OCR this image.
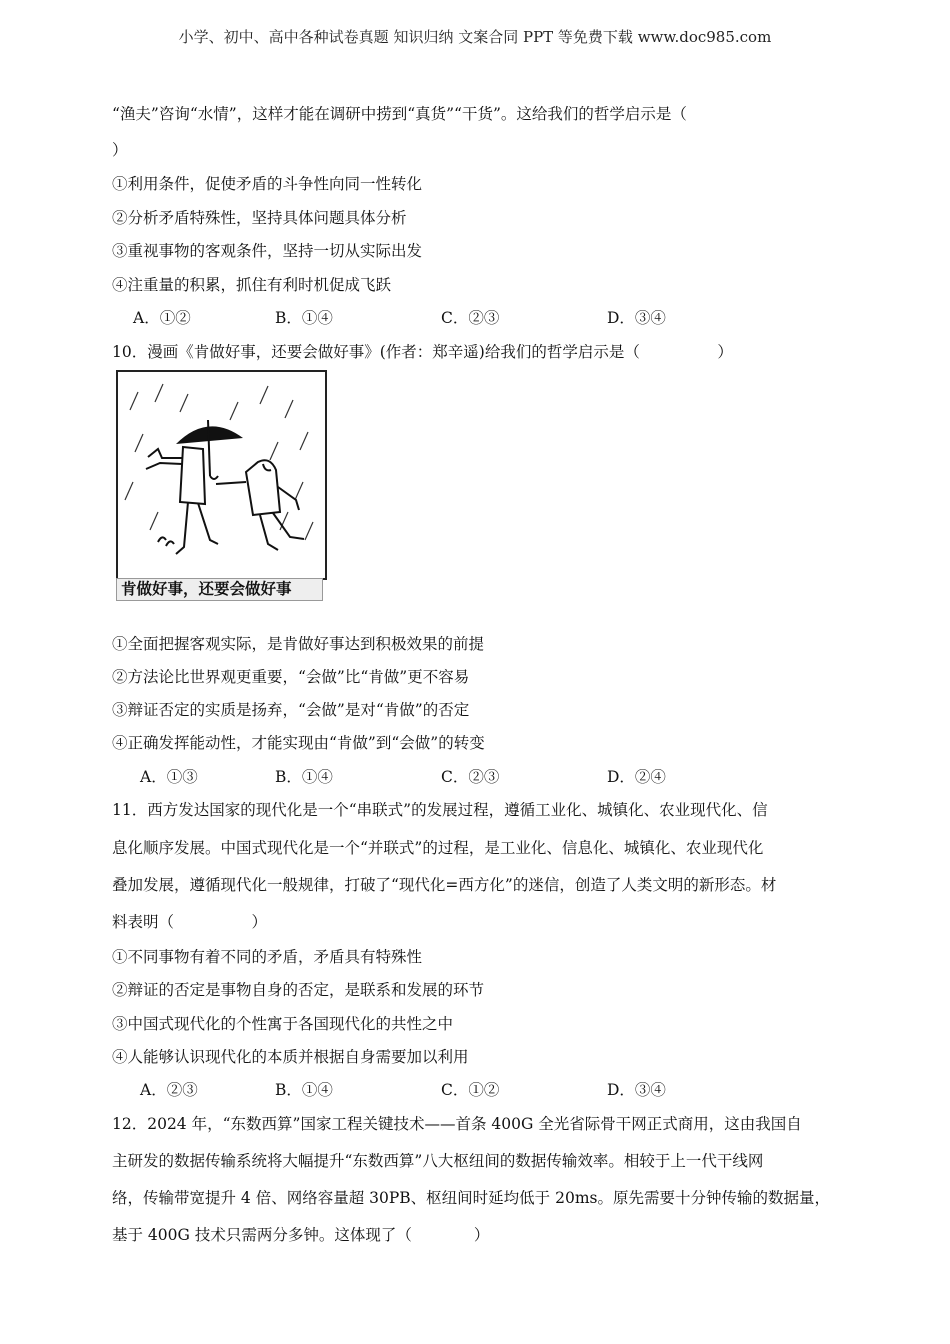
小学、初中、高中各种试卷真题 知识归纳 文案合同 PPT 等免费下载 www.doc985.com
“渔夫”咨询“水情”，这样才能在调研中捞到“真货”“干货”。这给我们的哲学启示是（
）
①利用条件，促使矛盾的斗争性向同一性转化
②分析矛盾特殊性，坚持具体问题具体分析
③重视事物的客观条件，坚持一切从实际出发
④注重量的积累，抓住有利时机促成飞跃
A．①②	B．①④	C．②③	D．③④
10．漫画《肯做好事，还要会做好事》(作者：郑辛遥)给我们的哲学启示是（　　　　　）
肯做好事，还要会做好事
①全面把握客观实际，是肯做好事达到积极效果的前提
②方法论比世界观更重要，“会做”比“肯做”更不容易
③辩证否定的实质是扬弃，“会做”是对“肯做”的否定
④正确发挥能动性，才能实现由“肯做”到“会做”的转变
A．①③	B．①④	C．②③	D．②④
11．西方发达国家的现代化是一个“串联式”的发展过程，遵循工业化、城镇化、农业现代化、信
息化顺序发展。中国式现代化是一个“并联式”的过程，是工业化、信息化、城镇化、农业现代化
叠加发展，遵循现代化一般规律，打破了“现代化=西方化”的迷信，创造了人类文明的新形态。材
料表明（　　　　　）
①不同事物有着不同的矛盾，矛盾具有特殊性
②辩证的否定是事物自身的否定，是联系和发展的环节
③中国式现代化的个性寓于各国现代化的共性之中
④人能够认识现代化的本质并根据自身需要加以利用
A．②③	B．①④	C．①②	D．③④
12．2024 年，“东数西算”国家工程关键技术——首条 400G 全光省际骨干网正式商用，这由我国自
主研发的数据传输系统将大幅提升“东数西算”八大枢纽间的数据传输效率。相较于上一代干线网
络，传输带宽提升 4 倍、网络容量超 30PB、枢纽间时延均低于 20ms。原先需要十分钟传输的数据量，
基于 400G 技术只需两分多钟。这体现了（　　　　）
